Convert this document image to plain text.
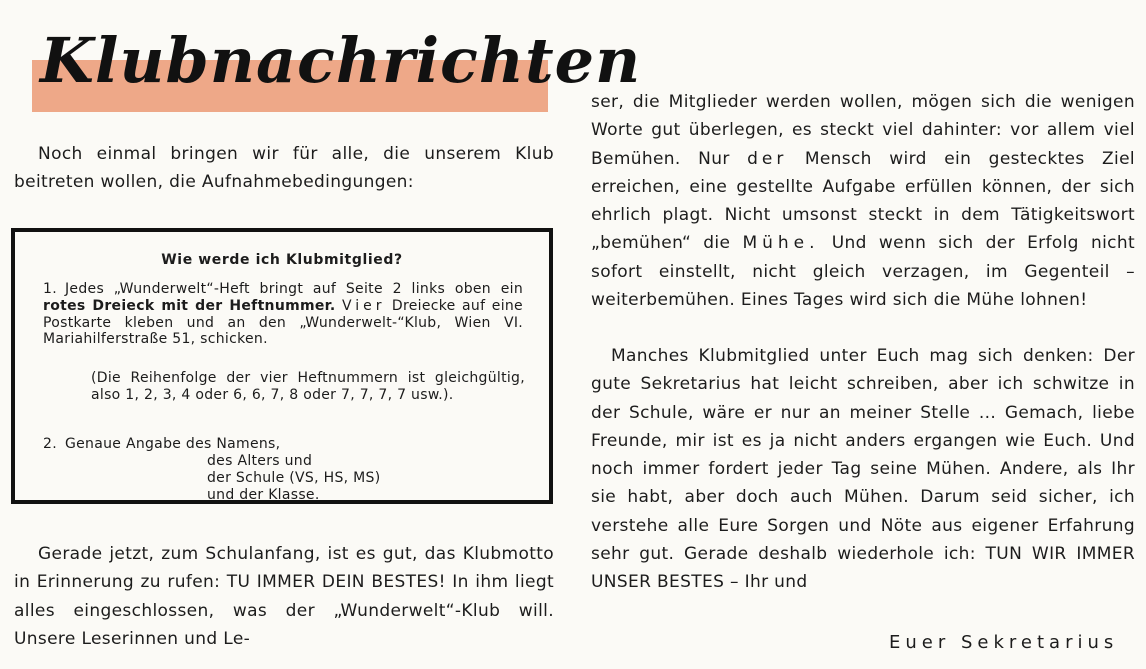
Klubnachrichten

Noch einmal bringen wir für alle, die unserem Klub beitreten wollen, die Aufnahmebedingungen:

Wie werde ich Klubmitglied?

1. Jedes „Wunderwelt“-Heft bringt auf Seite 2 links oben ein rotes Dreieck mit der Heftnummer. Vier Dreiecke auf eine Postkarte kleben und an den „Wunderwelt-“Klub, Wien VI. Mariahilferstraße 51, schicken.

(Die Reihenfolge der vier Heftnummern ist gleichgültig, also 1, 2, 3, 4 oder 6, 6, 7, 8 oder 7, 7, 7, 7 usw.).

2. Genaue Angabe des Namens,
des Alters und
der Schule (VS, HS, MS)
und der Klasse.

Gerade jetzt, zum Schulanfang, ist es gut, das Klubmotto in Erinnerung zu rufen: TU IMMER DEIN BESTES! In ihm liegt alles eingeschlossen, was der „Wunderwelt“-Klub will. Unsere Leserinnen und Le-

ser, die Mitglieder werden wollen, mögen sich die wenigen Worte gut überlegen, es steckt viel dahinter: vor allem viel Bemühen. Nur der Mensch wird ein gestecktes Ziel erreichen, eine gestellte Aufgabe erfüllen können, der sich ehrlich plagt. Nicht umsonst steckt in dem Tätigkeitswort „bemühen“ die Mühe. Und wenn sich der Erfolg nicht sofort einstellt, nicht gleich verzagen, im Gegenteil – weiterbemühen. Eines Tages wird sich die Mühe lohnen!

Manches Klubmitglied unter Euch mag sich denken: Der gute Sekretarius hat leicht schreiben, aber ich schwitze in der Schule, wäre er nur an meiner Stelle ... Gemach, liebe Freunde, mir ist es ja nicht anders ergangen wie Euch. Und noch immer fordert jeder Tag seine Mühen. Andere, als Ihr sie habt, aber doch auch Mühen. Darum seid sicher, ich verstehe alle Eure Sorgen und Nöte aus eigener Erfahrung sehr gut. Gerade deshalb wiederhole ich: TUN WIR IMMER UNSER BESTES – Ihr und

Euer Sekretarius
